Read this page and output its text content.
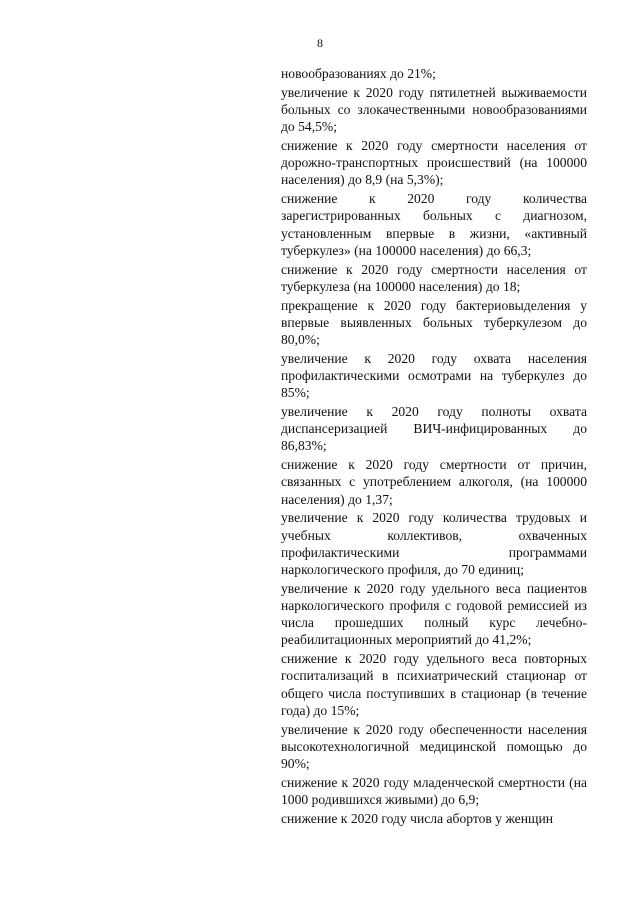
8

новообразованиях до 21%;

увеличение к 2020 году пятилетней выживаемости больных со злокачественными новообразованиями до 54,5%;

снижение к 2020 году смертности населения от дорожно-транспортных происшествий (на 100000 населения) до 8,9 (на 5,3%);

снижение к 2020 году количества зарегистрированных больных с диагнозом, установленным впервые в жизни, «активный туберкулез» (на 100000 населения) до 66,3;

снижение к 2020 году смертности населения от туберкулеза (на 100000 населения) до 18;

прекращение к 2020 году бактериовыделения у впервые выявленных больных туберкулезом до 80,0%;

увеличение к 2020 году охвата населения профилактическими осмотрами на туберкулез до 85%;

увеличение к 2020 году полноты охвата диспансеризацией ВИЧ-инфицированных до 86,83%;

снижение к 2020 году смертности от причин, связанных с употреблением алкоголя, (на 100000 населения) до 1,37;

увеличение к 2020 году количества трудовых и учебных коллективов, охваченных профилактическими программами наркологического профиля, до 70 единиц;

увеличение к 2020 году удельного веса пациентов наркологического профиля с годовой ремиссией из числа прошедших полный курс лечебно-реабилитационных мероприятий до 41,2%;

снижение к 2020 году удельного веса повторных госпитализаций в психиатрический стационар от общего числа поступивших в стационар (в течение года) до 15%;

увеличение к 2020 году обеспеченности населения высокотехнологичной медицинской помощью до 90%;

снижение к 2020 году младенческой смертности (на 1000 родившихся живыми) до 6,9;

снижение к 2020 году числа абортов у женщин
